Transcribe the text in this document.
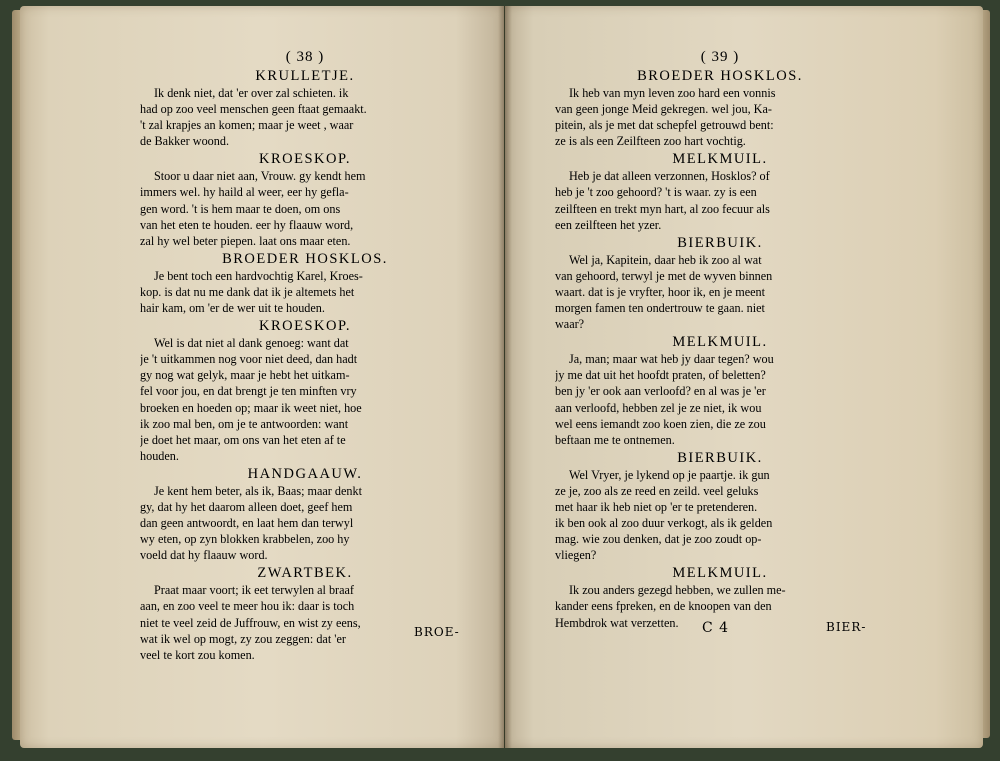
( 38 )
KRULLETJE.
Ik denk niet, dat 'er over zal schieten. ik
had op zoo veel menschen geen ftaat gemaakt.
't zal krapjes an komen; maar je weet , waar
de Bakker woond.
KROESKOP.
Stoor u daar niet aan, Vrouw. gy kendt hem
immers wel. hy haild al weer, eer hy gefla-
gen word. 't is hem maar te doen, om ons
van het eten te houden. eer hy flaauw word,
zal hy wel beter piepen. laat ons maar eten.
BROEDER HOSKLOS.
Je bent toch een hardvochtig Karel, Kroes-
kop. is dat nu me dank dat ik je altemets het
hair kam, om 'er de wer uit te houden.
KROESKOP.
Wel is dat niet al dank genoeg: want dat
je 't uitkammen nog voor niet deed, dan hadt
gy nog wat gelyk, maar je hebt het uitkam-
fel voor jou, en dat brengt je ten minften vry
broeken en hoeden op; maar ik weet niet, hoe
ik zoo mal ben, om je te antwoorden: want
je doet het maar, om ons van het eten af te
houden.
HANDGAAUW.
Je kent hem beter, als ik, Baas; maar denkt
gy, dat hy het daarom alleen doet, geef hem
dan geen antwoordt, en laat hem dan terwyl
wy eten, op zyn blokken krabbelen, zoo hy
voeld dat hy flaauw word.
ZWARTBEK.
Praat maar voort; ik eet terwylen al braaf
aan, en zoo veel te meer hou ik: daar is toch
niet te veel zeid de Juffrouw, en wist zy eens,
wat ik wel op mogt, zy zou zeggen: dat 'er
veel te kort zou komen.
BROE-
( 39 )
BROEDER HOSKLOS.
Ik heb van myn leven zoo hard een vonnis
van geen jonge Meid gekregen. wel jou, Ka-
pitein, als je met dat schepfel getrouwd bent:
ze is als een Zeilfteen zoo hart vochtig.
MELKMUIL.
Heb je dat alleen verzonnen, Hosklos? of
heb je 't zoo gehoord? 't is waar. zy is een
zeilfteen en trekt myn hart, al zoo fecuur als
een zeilfteen het yzer.
BIERBUIK.
Wel ja, Kapitein, daar heb ik zoo al wat
van gehoord, terwyl je met de wyven binnen
waart. dat is je vryfter, hoor ik, en je meent
morgen famen ten ondertrouw te gaan. niet
waar?
MELKMUIL.
Ja, man; maar wat heb jy daar tegen? wou
jy me dat uit het hoofdt praten, of beletten?
ben jy 'er ook aan verloofd? en al was je 'er
aan verloofd, hebben zel je ze niet, ik wou
wel eens iemandt zoo koen zien, die ze zou
beftaan me te ontnemen.
BIERBUIK.
Wel Vryer, je lykend op je paartje. ik gun
ze je, zoo als ze reed en zeild. veel geluks
met haar ik heb niet op 'er te pretenderen.
ik ben ook al zoo duur verkogt, als ik gelden
mag. wie zou denken, dat je zoo zoudt op-
vliegen?
MELKMUIL.
Ik zou anders gezegd hebben, we zullen me-
kander eens fpreken, en de knoopen van den
Hembdrok wat verzetten.	C 4	BIER-
